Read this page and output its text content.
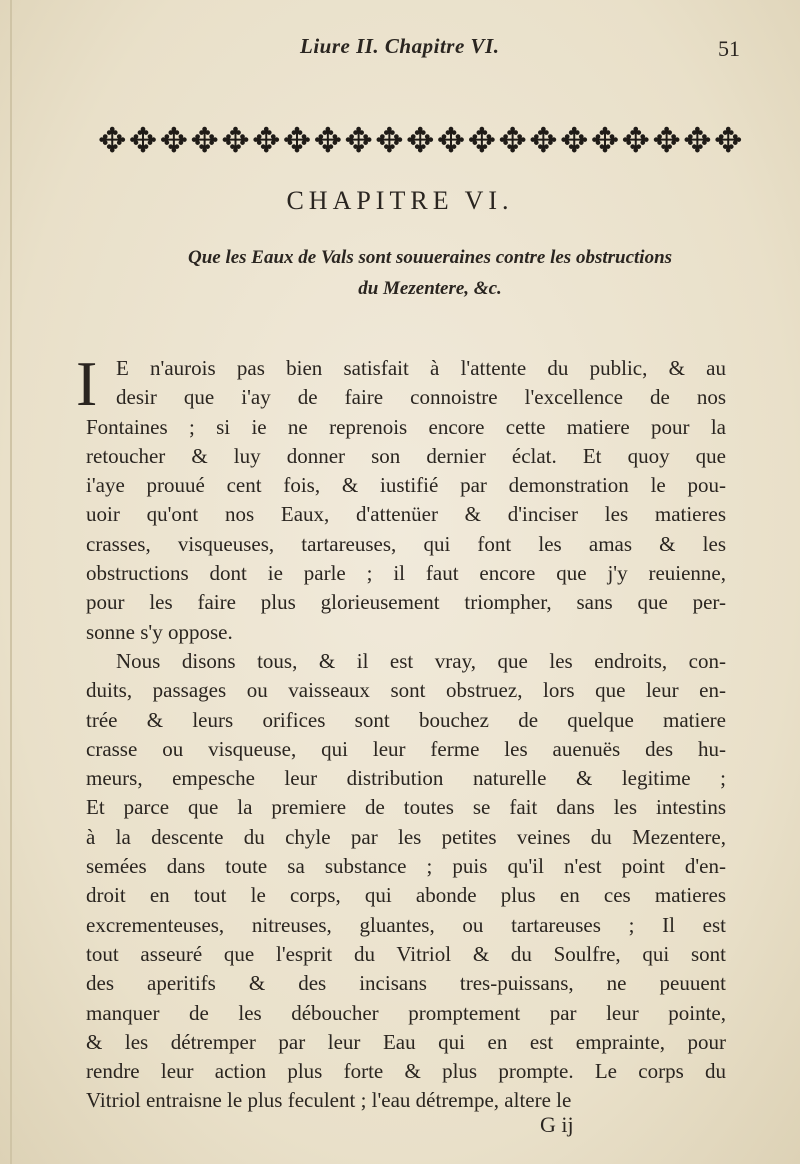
Liure II. Chapitre VI.	51
✥ ✥ ✥ ✥ ✥ ✥ ✥ ✥ ✥ ✥ ✥ ✥ ✥ ✥ ✥ ✥ ✥ ✥ ✥ ✥ ✥
CHAPITRE VI.
Que les Eaux de Vals sont souueraines contre les obstructions
du Mezentere, &c.
I E n'aurois pas bien satisfait à l'attente du public, & au
desir que i'ay de faire connoistre l'excellence de nos
Fontaines ; si ie ne reprenois encore cette matiere pour la
retoucher & luy donner son dernier éclat. Et quoy que
i'aye prouué cent fois, & iustifié par demonstration le pou-
uoir qu'ont nos Eaux, d'attenüer & d'inciser les matieres
crasses, visqueuses, tartareuses, qui font les amas & les
obstructions dont ie parle ; il faut encore que j'y reuienne,
pour les faire plus glorieusement triompher, sans que per-
sonne s'y oppose.
Nous disons tous, & il est vray, que les endroits, con-
duits, passages ou vaisseaux sont obstruez, lors que leur en-
trée & leurs orifices sont bouchez de quelque matiere
crasse ou visqueuse, qui leur ferme les auenuës des hu-
meurs, empesche leur distribution naturelle & legitime ;
Et parce que la premiere de toutes se fait dans les intestins
à la descente du chyle par les petites veines du Mezentere,
semées dans toute sa substance ; puis qu'il n'est point d'en-
droit en tout le corps, qui abonde plus en ces matieres
excrementeuses, nitreuses, gluantes, ou tartareuses ; Il est
tout asseuré que l'esprit du Vitriol & du Soulfre, qui sont
des aperitifs & des incisans tres-puissans, ne peuuent
manquer de les déboucher promptement par leur pointe,
& les détremper par leur Eau qui en est emprainte, pour
rendre leur action plus forte & plus prompte. Le corps du
Vitriol entraisne le plus feculent ; l'eau détrempe, altere le
G ij
